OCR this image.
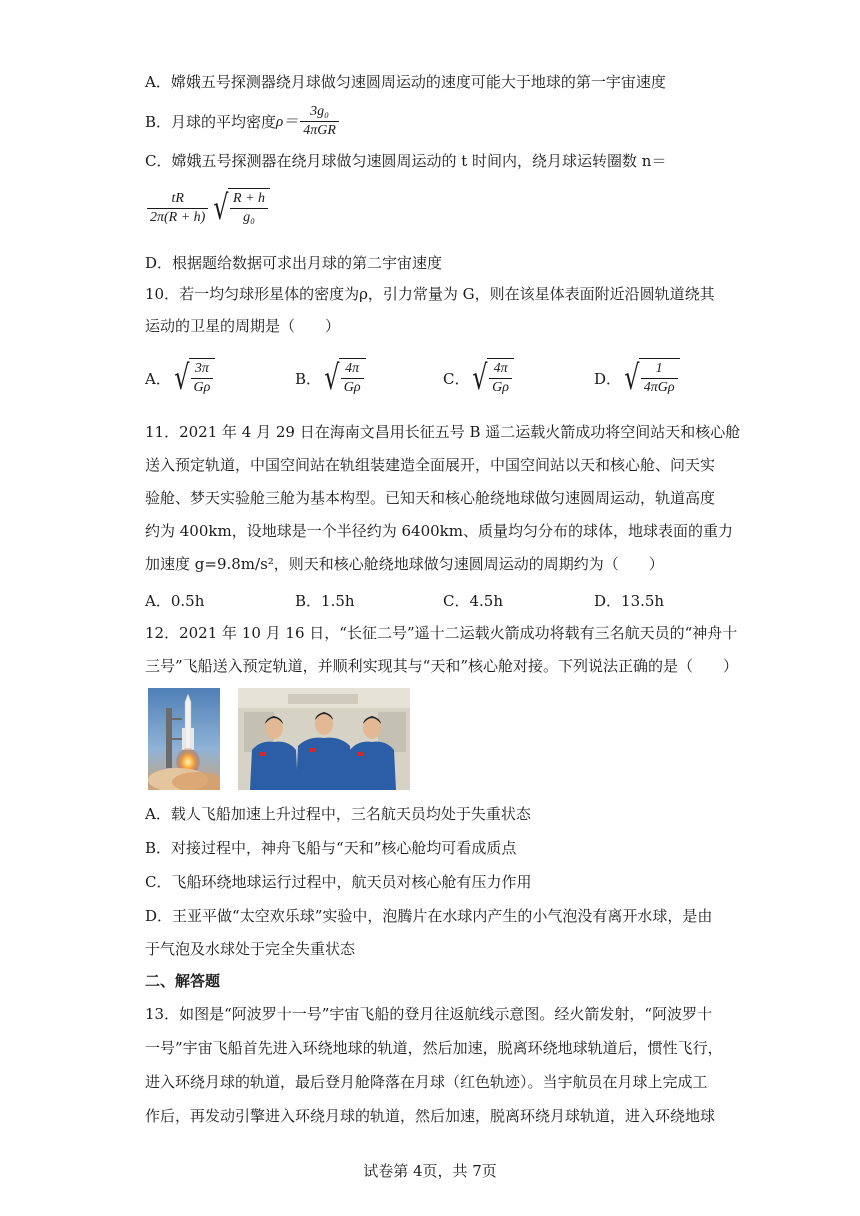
A．嫦娥五号探测器绕月球做匀速圆周运动的速度可能大于地球的第一宇宙速度
B．月球的平均密度 $\rho= \frac{\text{3g₀}}{\text{4πGR}}$
C．嫦娥五号探测器在绕月球做匀速圆周运动的 t 时间内，绕月球运转圈数 n＝
$\frac{tR}{2\pi(R + h)}$ √ $\frac{R + h}{\text{g₀}}$
D．根据题给数据可求出月球的第二宇宙速度
10．若一均匀球形星体的密度为ρ，引力常量为 G，则在该星体表面附近沿圆轨道绕其
运动的卫星的周期是（　　）
A． √ $\frac{3\pi}{G\rho}$	B． √ $\frac{4\pi}{G\rho}$	C． √ $\frac{4\pi}{G\rho}$	D． √ $\frac{1}{\text{4πGρ}}$
11．2021 年 4 月 29 日在海南文昌用长征五号 B 遥二运载火箭成功将空间站天和核心舱
送入预定轨道，中国空间站在轨组装建造全面展开，中国空间站以天和核心舱、问天实
验舱、梦天实验舱三舱为基本构型。已知天和核心舱绕地球做匀速圆周运动，轨道高度
约为 400km，设地球是一个半径约为 6400km、质量均匀分布的球体，地球表面的重力
加速度 g=9.8m/s²，则天和核心舱绕地球做匀速圆周运动的周期约为（　　）
A．0.5h	B．1.5h	C．4.5h	D．13.5h
12．2021 年 10 月 16 日，“长征二号”遥十二运载火箭成功将载有三名航天员的“神舟十
三号”飞船送入预定轨道，并顺利实现其与“天和”核心舱对接。下列说法正确的是（　　）
A．载人飞船加速上升过程中，三名航天员均处于失重状态
B．对接过程中，神舟飞船与“天和”核心舱均可看成质点
C．飞船环绕地球运行过程中，航天员对核心舱有压力作用
D．王亚平做“太空欢乐球”实验中，泡腾片在水球内产生的小气泡没有离开水球，是由
于气泡及水球处于完全失重状态
二、解答题
13．如图是“阿波罗十一号”宇宙飞船的登月往返航线示意图。经火箭发射，“阿波罗十
一号”宇宙飞船首先进入环绕地球的轨道，然后加速，脱离环绕地球轨道后，惯性飞行，
进入环绕月球的轨道，最后登月舱降落在月球（红色轨迹）。当宇航员在月球上完成工
作后，再发动引擎进入环绕月球的轨道，然后加速，脱离环绕月球轨道，进入环绕地球
试卷第 4页，共 7页
